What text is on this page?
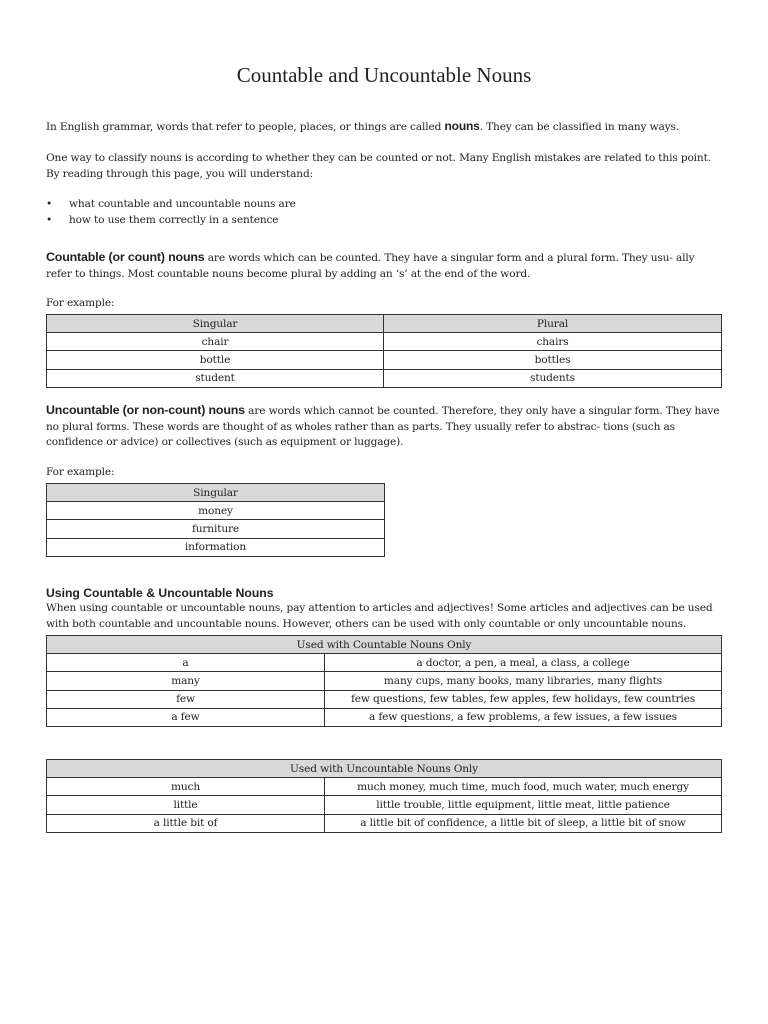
Countable and Uncountable Nouns

In English grammar, words that refer to people, places, or things are called nouns. They can be classified in many ways.

One way to classify nouns is according to whether they can be counted or not. Many English mistakes are related to this point. By reading through this page, you will understand:

• what countable and uncountable nouns are
• how to use them correctly in a sentence

Countable (or count) nouns are words which can be counted. They have a singular form and a plural form. They usu- ally refer to things. Most countable nouns become plural by adding an ‘s’ at the end of the word.

For example:

Singular	Plural
chair	chairs
bottle	bottles
student	students

Uncountable (or non-count) nouns are words which cannot be counted. Therefore, they only have a singular form. They have no plural forms. These words are thought of as wholes rather than as parts. They usually refer to abstrac- tions (such as confidence or advice) or collectives (such as equipment or luggage).

For example:

Singular
money
furniture
information
Using Countable & Uncountable Nouns

When using countable or uncountable nouns, pay attention to articles and adjectives! Some articles and adjectives can be used with both countable and uncountable nouns. However, others can be used with only countable or only uncountable nouns.

Used with Countable Nouns Only	
a	a doctor, a pen, a meal, a class, a college
many	many cups, many books, many libraries, many flights
few	few questions, few tables, few apples, few holidays, few countries
a few	a few questions, a few problems, a few issues, a few issues
Used with Uncountable Nouns Only	
much	much money, much time, much food, much water, much energy
little	little trouble, little equipment, little meat, little patience
a little bit of	a little bit of confidence, a little bit of sleep, a little bit of snow
